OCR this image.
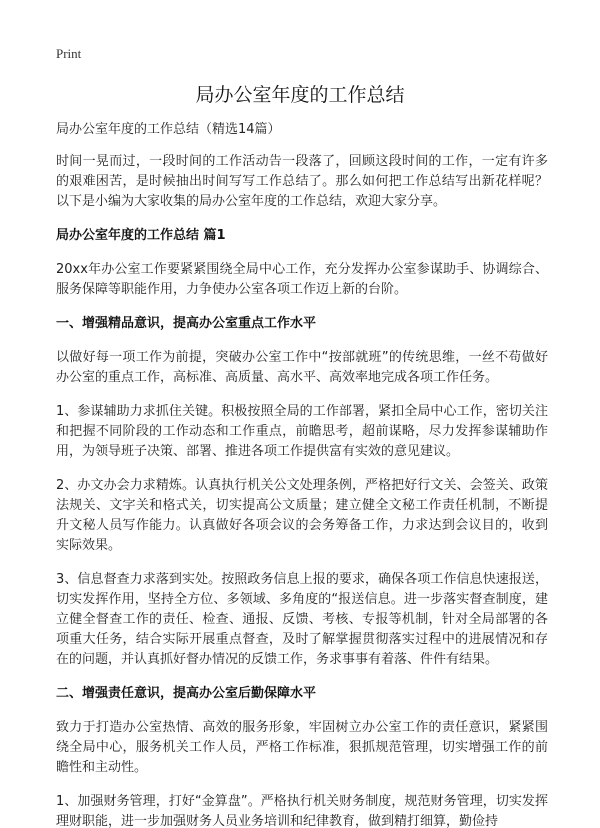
Print
局办公室年度的工作总结

局办公室年度的工作总结（精选14篇）

时间一晃而过，一段时间的工作活动告一段落了，回顾这段时间的工作，一定有许多的艰难困苦，是时候抽出时间写写工作总结了。那么如何把工作总结写出新花样呢？以下是小编为大家收集的局办公室年度的工作总结，欢迎大家分享。

局办公室年度的工作总结 篇1

20xx年办公室工作要紧紧围绕全局中心工作，充分发挥办公室参谋助手、协调综合、服务保障等职能作用，力争使办公室各项工作迈上新的台阶。

一、增强精品意识，提高办公室重点工作水平

以做好每一项工作为前提，突破办公室工作中“按部就班”的传统思维，一丝不苟做好办公室的重点工作，高标准、高质量、高水平、高效率地完成各项工作任务。

1、参谋辅助力求抓住关键。积极按照全局的工作部署，紧扣全局中心工作，密切关注和把握不同阶段的工作动态和工作重点，前瞻思考，超前谋略，尽力发挥参谋辅助作用，为领导班子决策、部署、推进各项工作提供富有实效的意见建议。

2、办文办会力求精炼。认真执行机关公文处理条例，严格把好行文关、会签关、政策法规关、文字关和格式关，切实提高公文质量；建立健全文秘工作责任机制，不断提升文秘人员写作能力。认真做好各项会议的会务筹备工作，力求达到会议目的，收到实际效果。

3、信息督查力求落到实处。按照政务信息上报的要求，确保各项工作信息快速报送，切实发挥作用，坚持全方位、多领域、多角度的“报送信息。进一步落实督查制度，建立健全督查工作的责任、检查、通报、反馈、考核、专报等机制，针对全局部署的各项重大任务，结合实际开展重点督查，及时了解掌握贯彻落实过程中的进展情况和存在的问题，并认真抓好督办情况的反馈工作，务求事事有着落、件件有结果。

二、增强责任意识，提高办公室后勤保障水平

致力于打造办公室热情、高效的服务形象，牢固树立办公室工作的责任意识，紧紧围绕全局中心，服务机关工作人员，严格工作标准，狠抓规范管理，切实增强工作的前瞻性和主动性。

1、加强财务管理，打好“金算盘”。严格执行机关财务制度，规范财务管理，切实发挥理财职能，进一步加强财务人员业务培训和纪律教育，做到精打细算，勤俭持
